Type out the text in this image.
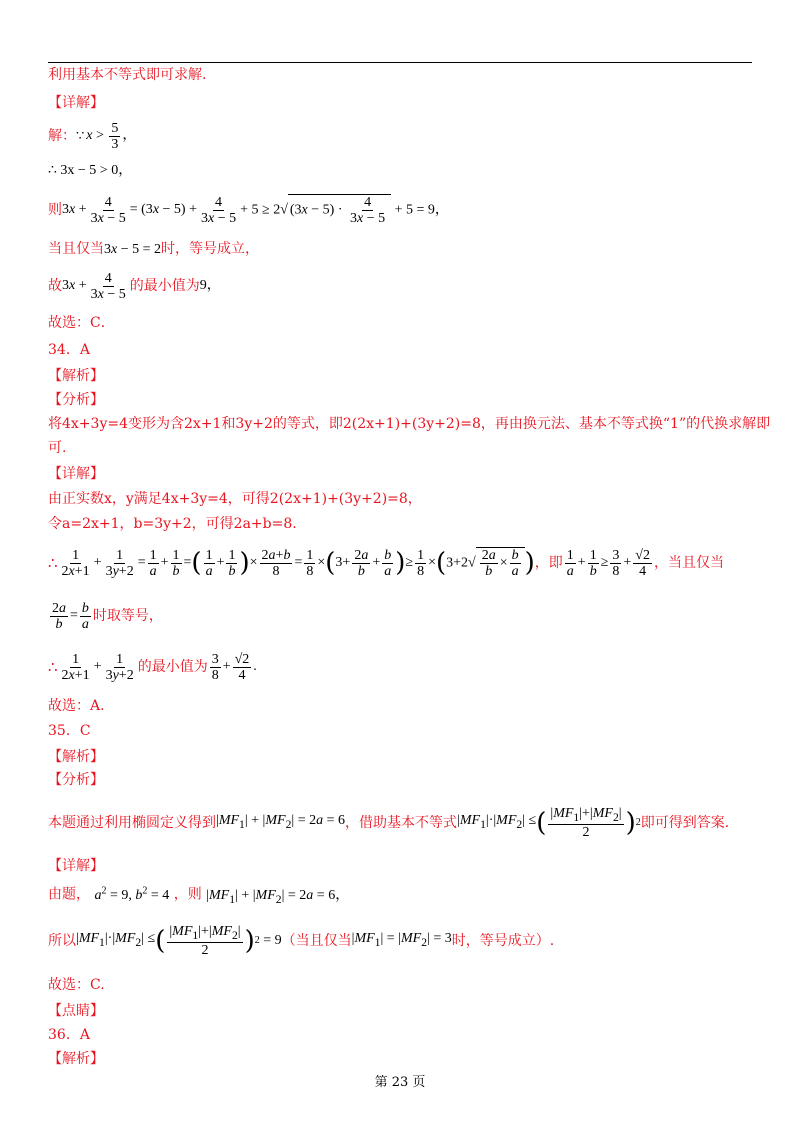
利用基本不等式即可求解.
【详解】
解： ∵ $x > \frac{5}{3}$ ，
∴ 3x − 5 > 0，
则 $3x + \frac{4}{3x - 5} = (3x - 5) + \frac{4}{3x - 5} + 5 \ge 2√$ $(3x - 5) \cdot \frac{4}{3x - 5} + 5 = 9$，
当且仅当3x − 5 = 2时，等号成立，
故 $3x + \frac{4}{3x - 5}$ 的最小值为 9 ，
故选：C．
34．A
【解析】
【分析】
将4x+3y=4变形为含2x+1和3y+2的等式，即2(2x+1)+(3y+2)=8，再由换元法、基本不等式换“1”的代换求解即
可.
【详解】
由正实数x，y满足4x+3y=4，可得2(2x+1)+(3y+2)=8，
令a=2x+1，b=3y+2，可得2a+b=8.
∴ $\frac{1}{2x+1} + \frac{1}{3y+2} = \frac{1}{a} + \frac{1}{b}$ = ( $\frac{1}{a} + \frac{1}{b}$ ) × $\frac{2a+b}{8} = \frac{1}{8}$ × ( $3+ \frac{2a}{b} + \frac{b}{a}$ ) ≥ $\frac{1}{8}$ × ( $3+2√ \frac{2a}{b} \times \frac{b}{a}$ ) ，即 $\frac{1}{a} + \frac{1}{b} \ge \frac{3}{8} + \frac{√2}{4}$ ，当且仅当
$\frac{2a}{b} = \frac{b}{a}$ 时取等号，
∴ $\frac{1}{2x+1} + \frac{1}{3y+2}$ 的最小值为 $\frac{3}{8} + \frac{√2}{4}$ .
故选：A.
35．C
【解析】
【分析】
本题通过利用椭圆定义得到 $|MF_1| + |MF_2| = 2a = 6$ ，借助基本不等式 $|MF_1|\cdot|MF_2|$ ≤ ( $\frac{|MF_1|+|MF_2|}{2}$ ) 2 即可得到答案.
【详解】
由题， $a^2 = 9$, $b^2 = 4$ ，则 $|MF_1| + |MF_2| = 2a = 6$，
所以 $|MF_1|\cdot|MF_2|$ ≤ ( $\frac{|MF_1|+|MF_2|}{2}$ ) 2 = 9 （当且仅当 $|MF_1| = |MF_2| = 3$ 时，等号成立）.
故选：C.
【点睛】
36．A
【解析】
第 23 页
